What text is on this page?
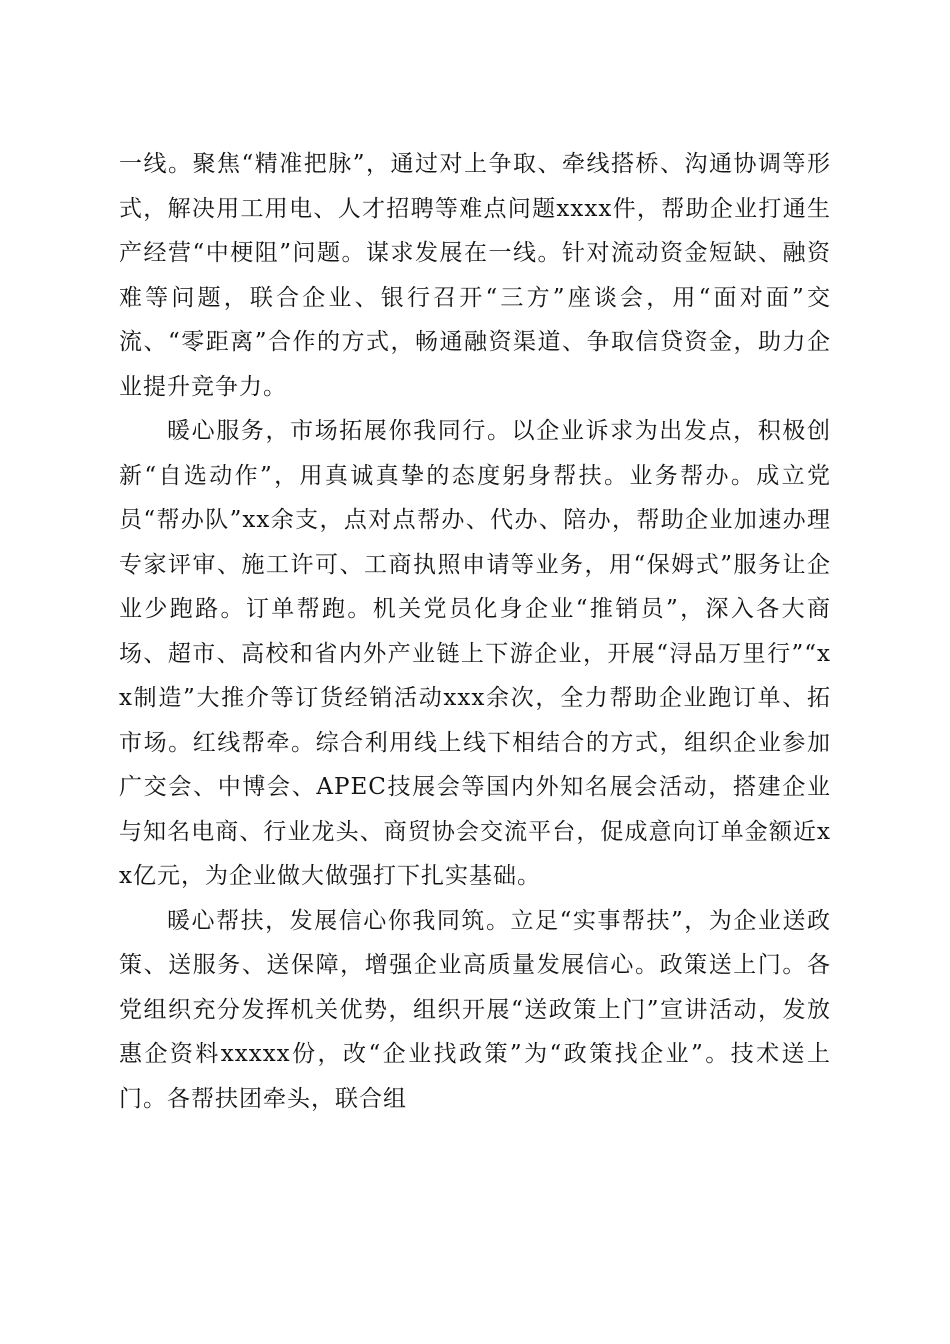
一线。聚焦“精准把脉”，通过对上争取、牵线搭桥、沟通协调等形式，解决用工用电、人才招聘等难点问题xxxx件，帮助企业打通生产经营“中梗阻”问题。谋求发展在一线。针对流动资金短缺、融资难等问题，联合企业、银行召开“三方”座谈会，用“面对面”交流、“零距离”合作的方式，畅通融资渠道、争取信贷资金，助力企业提升竞争力。

暖心服务，市场拓展你我同行。以企业诉求为出发点，积极创新“自选动作”，用真诚真挚的态度躬身帮扶。业务帮办。成立党员“帮办队”xx余支，点对点帮办、代办、陪办，帮助企业加速办理专家评审、施工许可、工商执照申请等业务，用“保姆式”服务让企业少跑路。订单帮跑。机关党员化身企业“推销员”，深入各大商场、超市、高校和省内外产业链上下游企业，开展“浔品万里行”“xx制造”大推介等订货经销活动xxx余次，全力帮助企业跑订单、拓市场。红线帮牵。综合利用线上线下相结合的方式，组织企业参加广交会、中博会、APEC技展会等国内外知名展会活动，搭建企业与知名电商、行业龙头、商贸协会交流平台，促成意向订单金额近xx亿元，为企业做大做强打下扎实基础。

暖心帮扶，发展信心你我同筑。立足“实事帮扶”，为企业送政策、送服务、送保障，增强企业高质量发展信心。政策送上门。各党组织充分发挥机关优势，组织开展“送政策上门”宣讲活动，发放惠企资料xxxxx份，改“企业找政策”为“政策找企业”。技术送上门。各帮扶团牵头，联合组
